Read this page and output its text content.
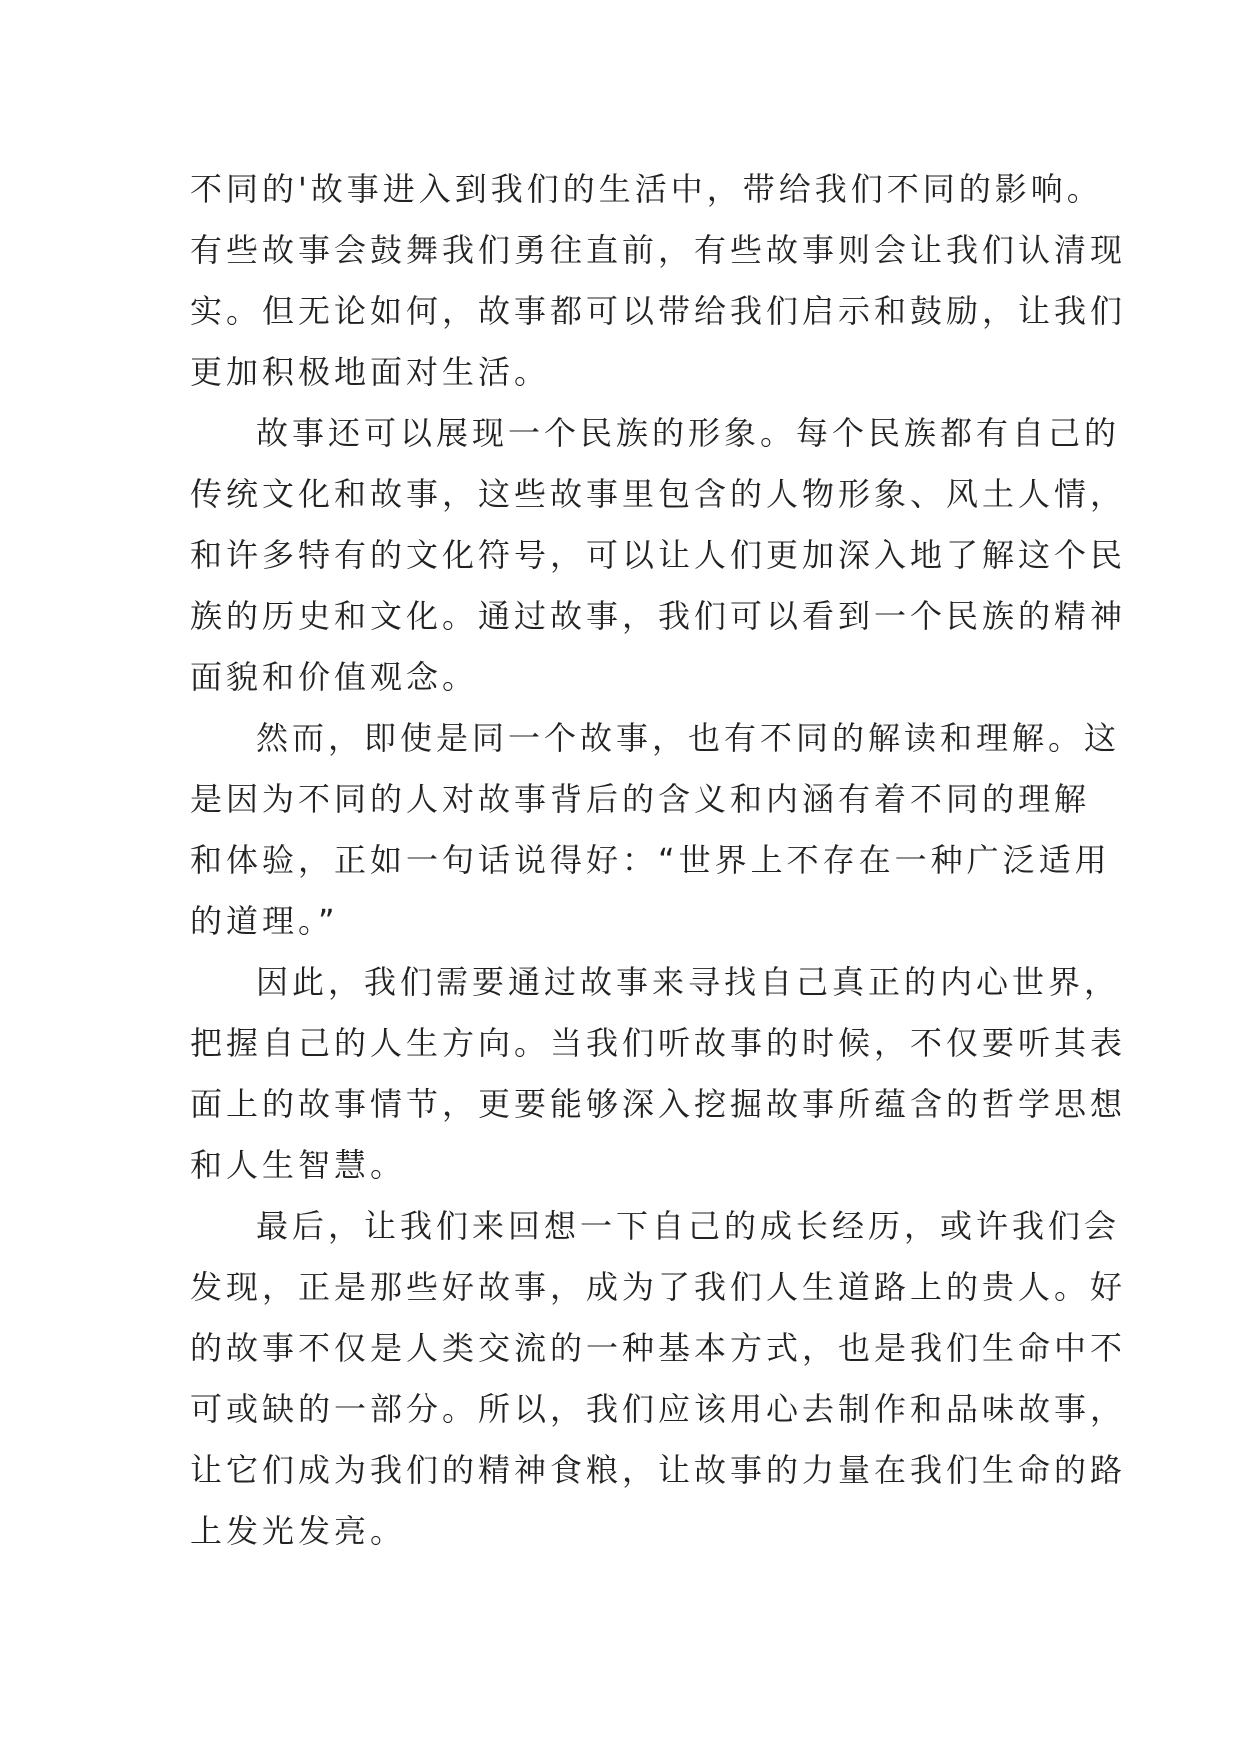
不同的'故事进入到我们的生活中，带给我们不同的影响。
有些故事会鼓舞我们勇往直前，有些故事则会让我们认清现
实。但无论如何，故事都可以带给我们启示和鼓励，让我们
更加积极地面对生活。
故事还可以展现一个民族的形象。每个民族都有自己的
传统文化和故事，这些故事里包含的人物形象、风土人情，
和许多特有的文化符号，可以让人们更加深入地了解这个民
族的历史和文化。通过故事，我们可以看到一个民族的精神
面貌和价值观念。
然而，即使是同一个故事，也有不同的解读和理解。这
是因为不同的人对故事背后的含义和内涵有着不同的理解
和体验，正如一句话说得好：“世界上不存在一种广泛适用
的道理。”
因此，我们需要通过故事来寻找自己真正的内心世界，
把握自己的人生方向。当我们听故事的时候，不仅要听其表
面上的故事情节，更要能够深入挖掘故事所蕴含的哲学思想
和人生智慧。
最后，让我们来回想一下自己的成长经历，或许我们会
发现，正是那些好故事，成为了我们人生道路上的贵人。好
的故事不仅是人类交流的一种基本方式，也是我们生命中不
可或缺的一部分。所以，我们应该用心去制作和品味故事，
让它们成为我们的精神食粮，让故事的力量在我们生命的路
上发光发亮。
